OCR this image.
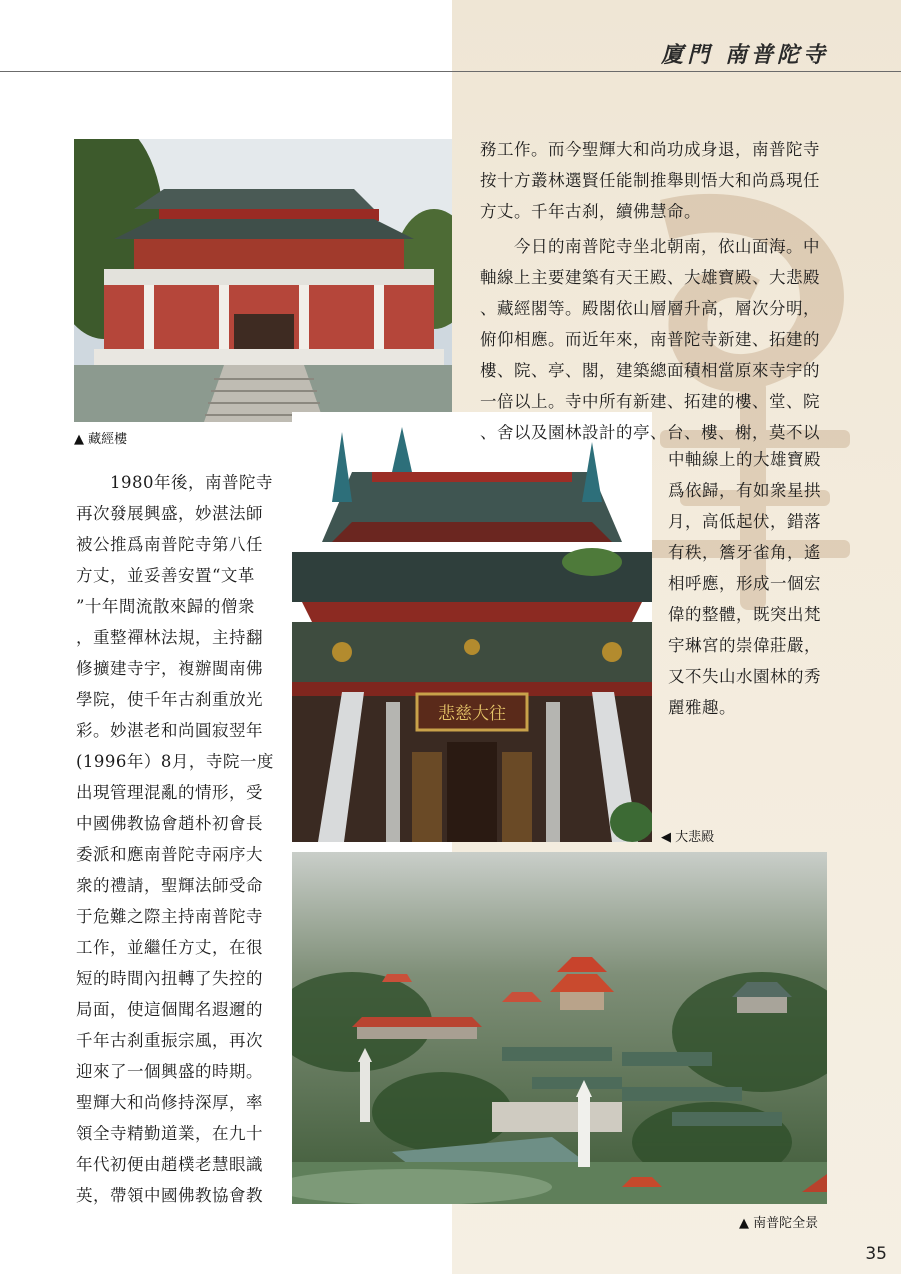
廈門 南普陀寺
▲ 藏經樓
悲慈大往
◀ 大悲殿
▲ 南普陀全景

務工作。而今聖輝大和尚功成身退，南普陀寺

按十方叢林選賢任能制推舉則悟大和尚爲現任

方丈。千年古刹，續佛慧命。

　　今日的南普陀寺坐北朝南，依山面海。中

軸線上主要建築有天王殿、大雄寶殿、大悲殿

、藏經閣等。殿閣依山層層升高，層次分明，

俯仰相應。而近年來，南普陀寺新建、拓建的

樓、院、亭、閣，建築總面積相當原來寺宇的

一倍以上。寺中所有新建、拓建的樓、堂、院

、舍以及園林設計的亭、台、樓、榭，莫不以

中軸線上的大雄寶殿

爲依歸，有如衆星拱

月，高低起伏，錯落

有秩，簷牙雀角，遙

相呼應，形成一個宏

偉的整體，既突出梵

宇琳宮的崇偉莊嚴，

又不失山水園林的秀

麗雅趣。

　　1980年後，南普陀寺

再次發展興盛，妙湛法師

被公推爲南普陀寺第八任

方丈，並妥善安置“文革

”十年間流散來歸的僧衆

，重整禪林法規，主持翻

修擴建寺宇，複辦閩南佛

學院，使千年古刹重放光

彩。妙湛老和尚圓寂翌年

(1996年）8月，寺院一度

出現管理混亂的情形，受

中國佛教協會趙朴初會長

委派和應南普陀寺兩序大

衆的禮請，聖輝法師受命

于危難之際主持南普陀寺

工作，並繼任方丈，在很

短的時間內扭轉了失控的

局面，使這個聞名遐邇的

千年古刹重振宗風，再次

迎來了一個興盛的時期。

聖輝大和尚修持深厚，率

領全寺精勤道業，在九十

年代初便由趙樸老慧眼識

英，帶領中國佛教協會教

35
